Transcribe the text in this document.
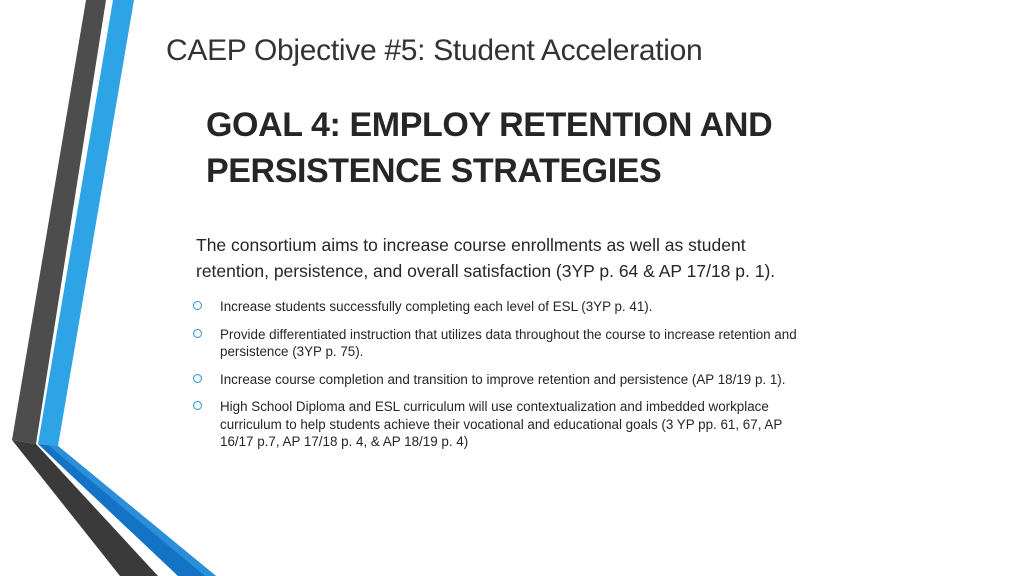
CAEP Objective #5: Student Acceleration
GOAL 4: EMPLOY RETENTION AND
PERSISTENCE STRATEGIES
The consortium aims to increase course enrollments as well as student
retention, persistence, and overall satisfaction (3YP p. 64 & AP 17/18 p. 1).
Increase students successfully completing each level of ESL (3YP p. 41).
Provide differentiated instruction that utilizes data throughout the course to increase retention and
persistence (3YP p. 75).
Increase course completion and transition to improve retention and persistence (AP 18/19 p. 1).
High School Diploma and ESL curriculum will use contextualization and imbedded workplace
curriculum to help students achieve their vocational and educational goals (3 YP pp. 61, 67, AP
16/17 p.7, AP 17/18 p. 4, & AP 18/19 p. 4)
